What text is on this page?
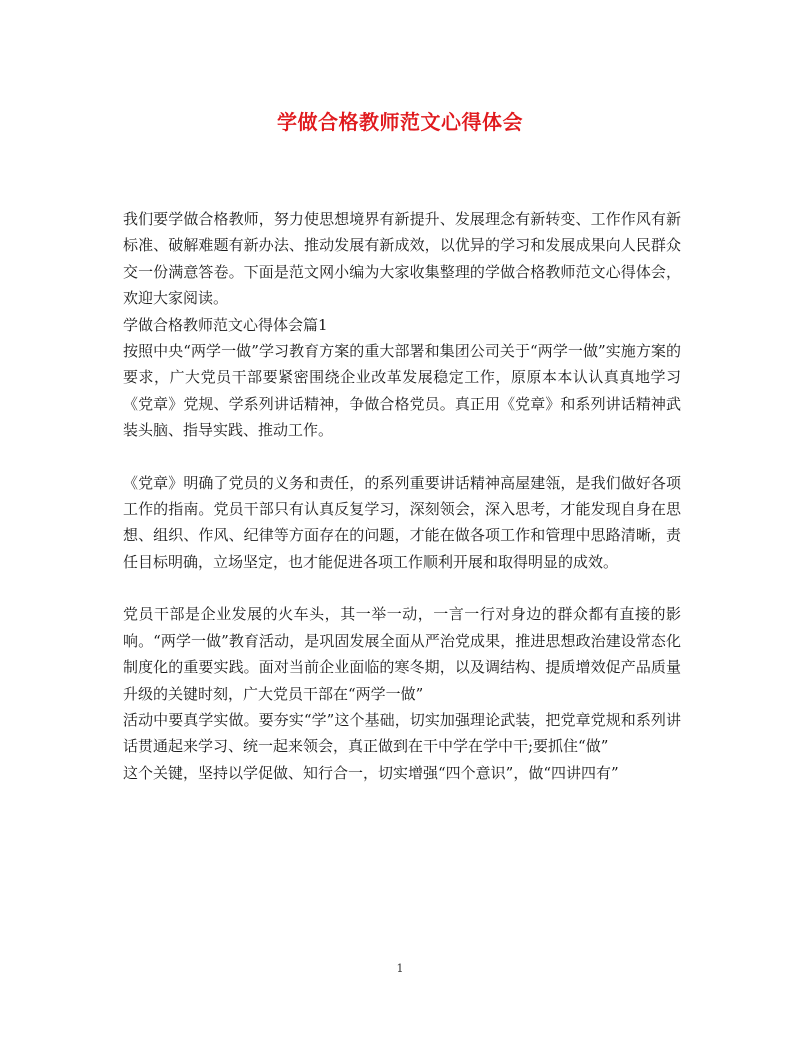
学做合格教师范文心得体会

我们要学做合格教师，努力使思想境界有新提升、发展理念有新转变、工作作风有新标准、破解难题有新办法、推动发展有新成效，以优异的学习和发展成果向人民群众交一份满意答卷。下面是范文网小编为大家收集整理的学做合格教师范文心得体会，欢迎大家阅读。

学做合格教师范文心得体会篇1

按照中央“两学一做”学习教育方案的重大部署和集团公司关于“两学一做”实施方案的要求，广大党员干部要紧密围绕企业改革发展稳定工作，原原本本认认真真地学习《党章》党规、学系列讲话精神，争做合格党员。真正用《党章》和系列讲话精神武装头脑、指导实践、推动工作。

《党章》明确了党员的义务和责任，的系列重要讲话精神高屋建瓴，是我们做好各项工作的指南。党员干部只有认真反复学习，深刻领会，深入思考，才能发现自身在思想、组织、作风、纪律等方面存在的问题，才能在做各项工作和管理中思路清晰，责任目标明确，立场坚定，也才能促进各项工作顺利开展和取得明显的成效。

党员干部是企业发展的火车头，其一举一动，一言一行对身边的群众都有直接的影响。“两学一做”教育活动，是巩固发展全面从严治党成果，推进思想政治建设常态化制度化的重要实践。面对当前企业面临的寒冬期，以及调结构、提质增效促产品质量升级的关键时刻，广大党员干部在“两学一做”

活动中要真学实做。要夯实“学”这个基础，切实加强理论武装，把党章党规和系列讲话贯通起来学习、统一起来领会，真正做到在干中学在学中干;要抓住“做”

这个关键，坚持以学促做、知行合一，切实增强“四个意识”，做“四讲四有”

1
